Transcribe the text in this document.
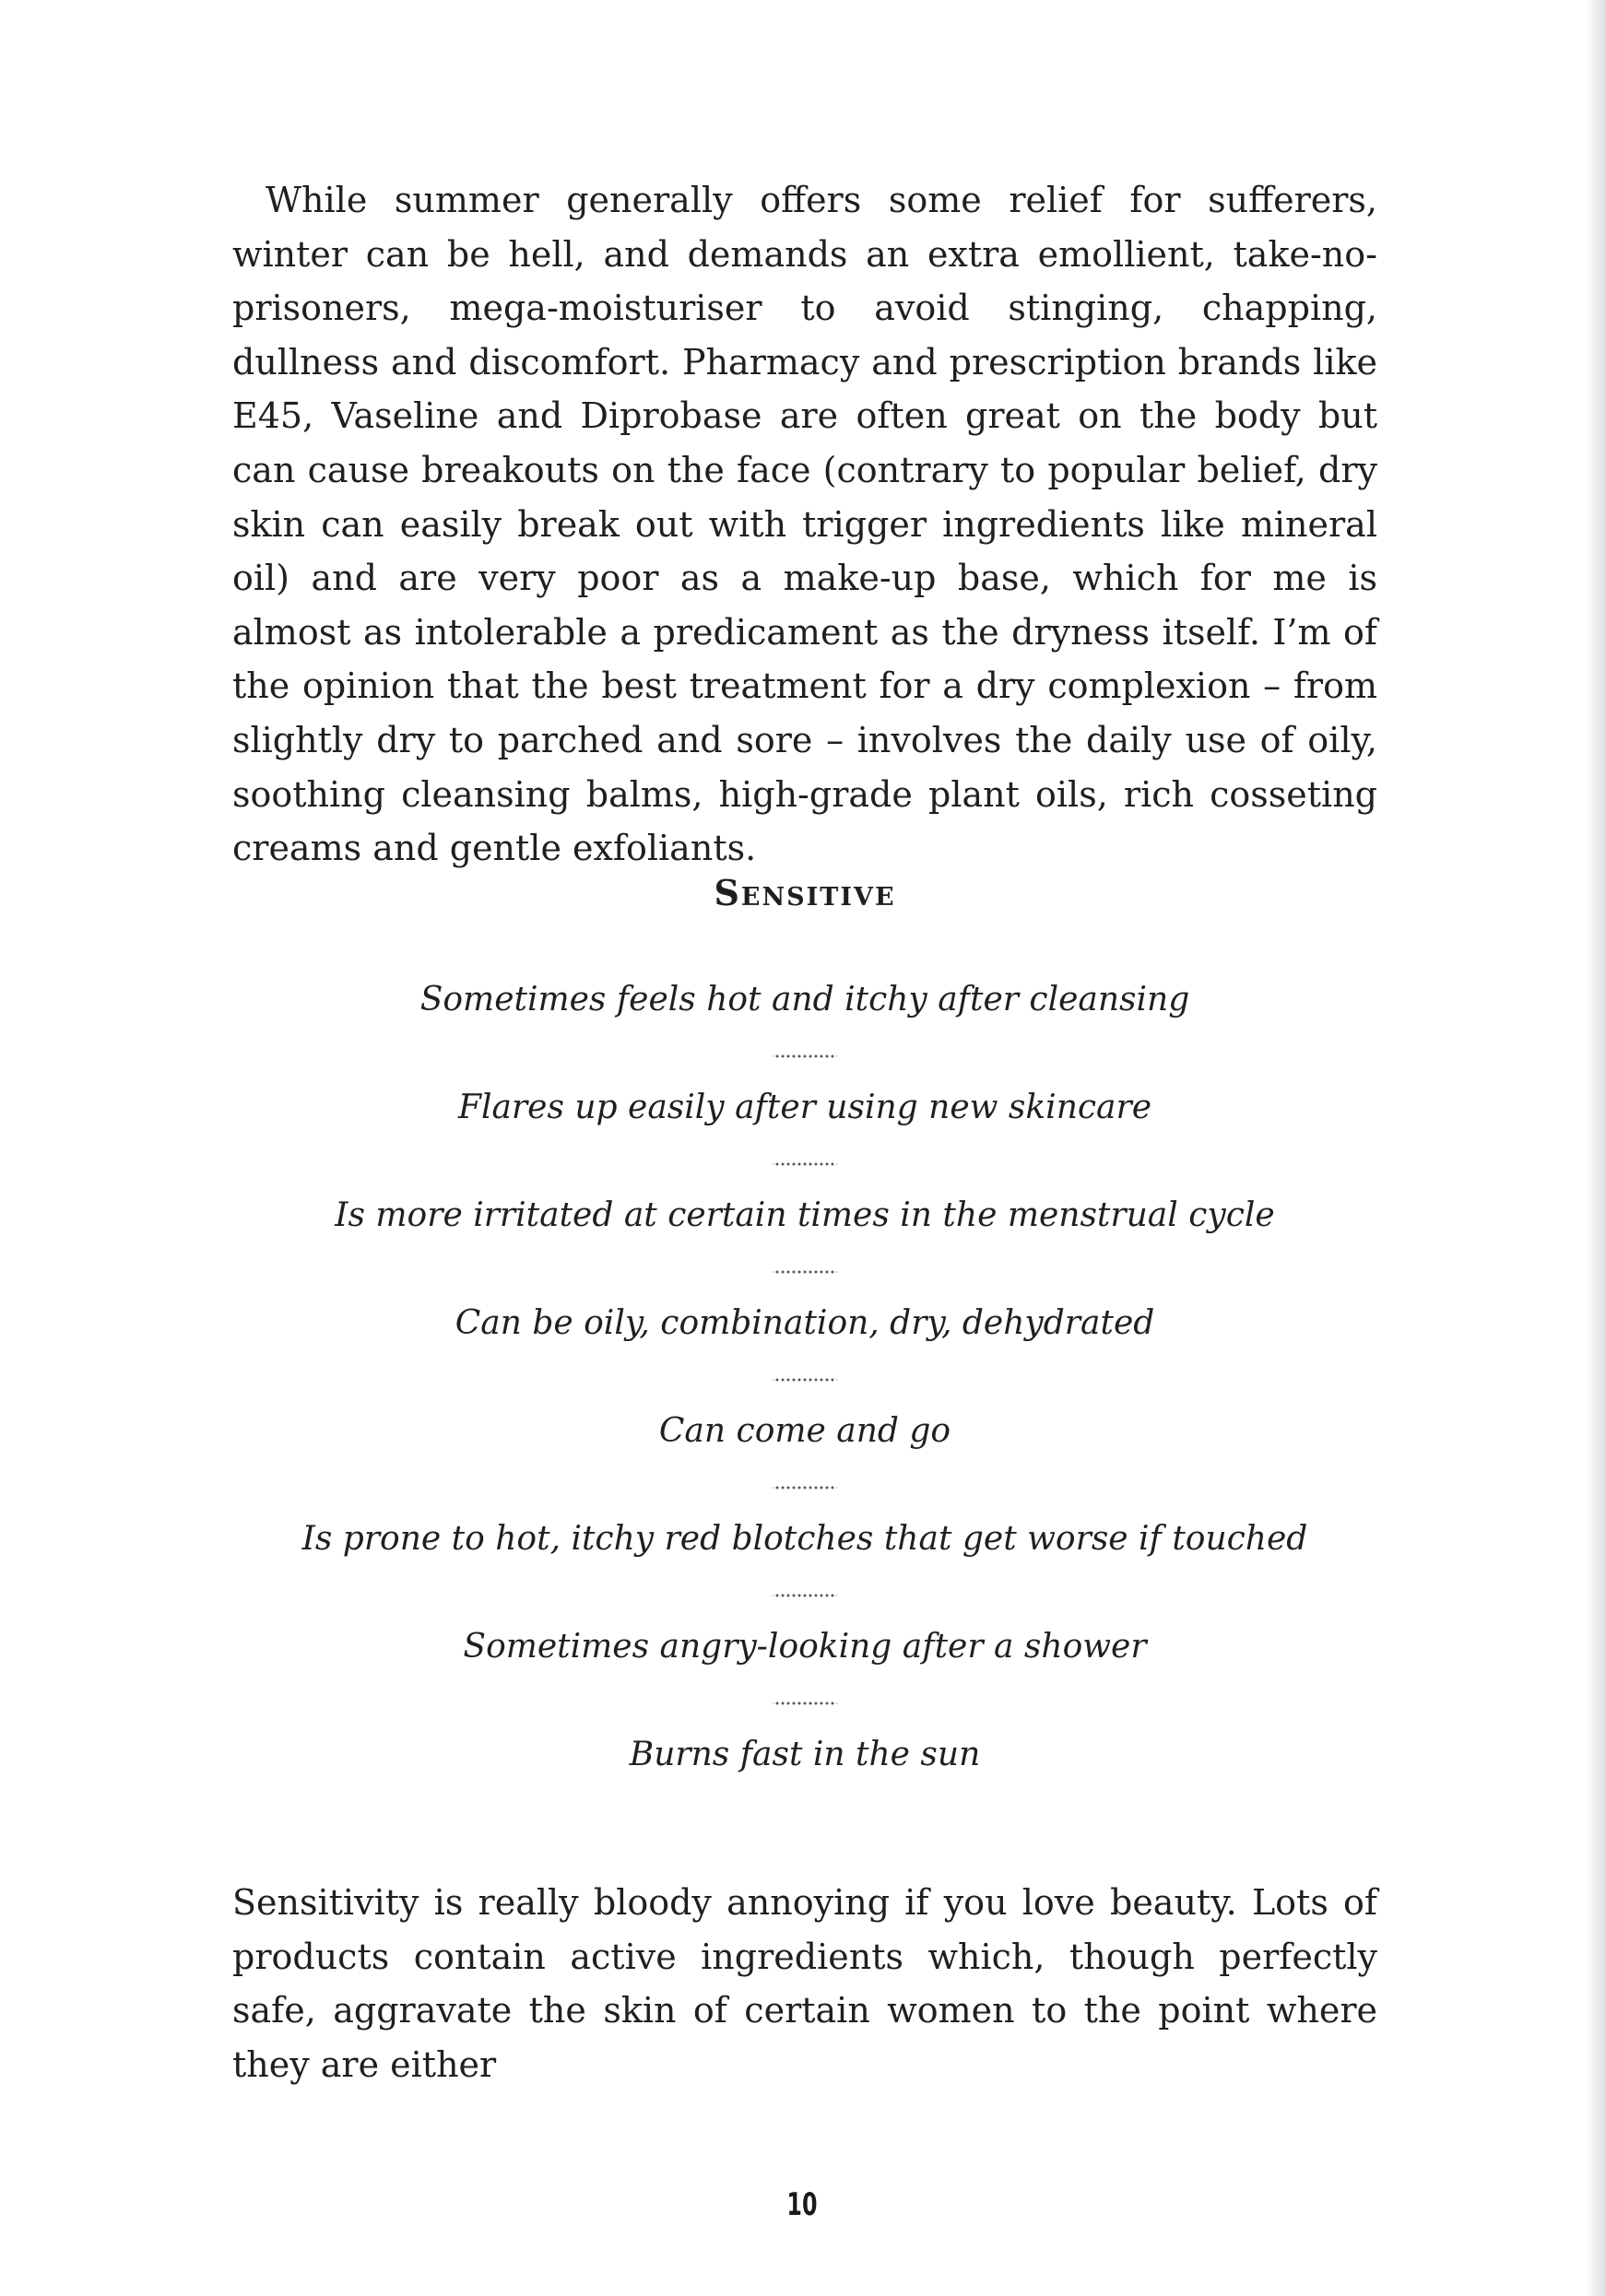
While summer generally offers some relief for sufferers, winter can be hell, and demands an extra emollient, take-no-prisoners, mega-moisturiser to avoid stinging, chapping, dullness and discomfort. Pharmacy and prescription brands like E45, Vaseline and Diprobase are often great on the body but can cause breakouts on the face (contrary to popular belief, dry skin can easily break out with trigger ingredients like mineral oil) and are very poor as a make-up base, which for me is almost as intolerable a predicament as the dryness itself. I’m of the opinion that the best treatment for a dry complexion – from slightly dry to parched and sore – involves the daily use of oily, soothing cleansing balms, high-grade plant oils, rich cosseting creams and gentle exfoliants.

Sensitive
Sometimes feels hot and itchy after cleansing
Flares up easily after using new skincare
Is more irritated at certain times in the menstrual cycle
Can be oily, combination, dry, dehydrated
Can come and go
Is prone to hot, itchy red blotches that get worse if touched
Sometimes angry-looking after a shower
Burns fast in the sun

Sensitivity is really bloody annoying if you love beauty. Lots of products contain active ingredients which, though perfectly safe, aggravate the skin of certain women to the point where they are either

10
